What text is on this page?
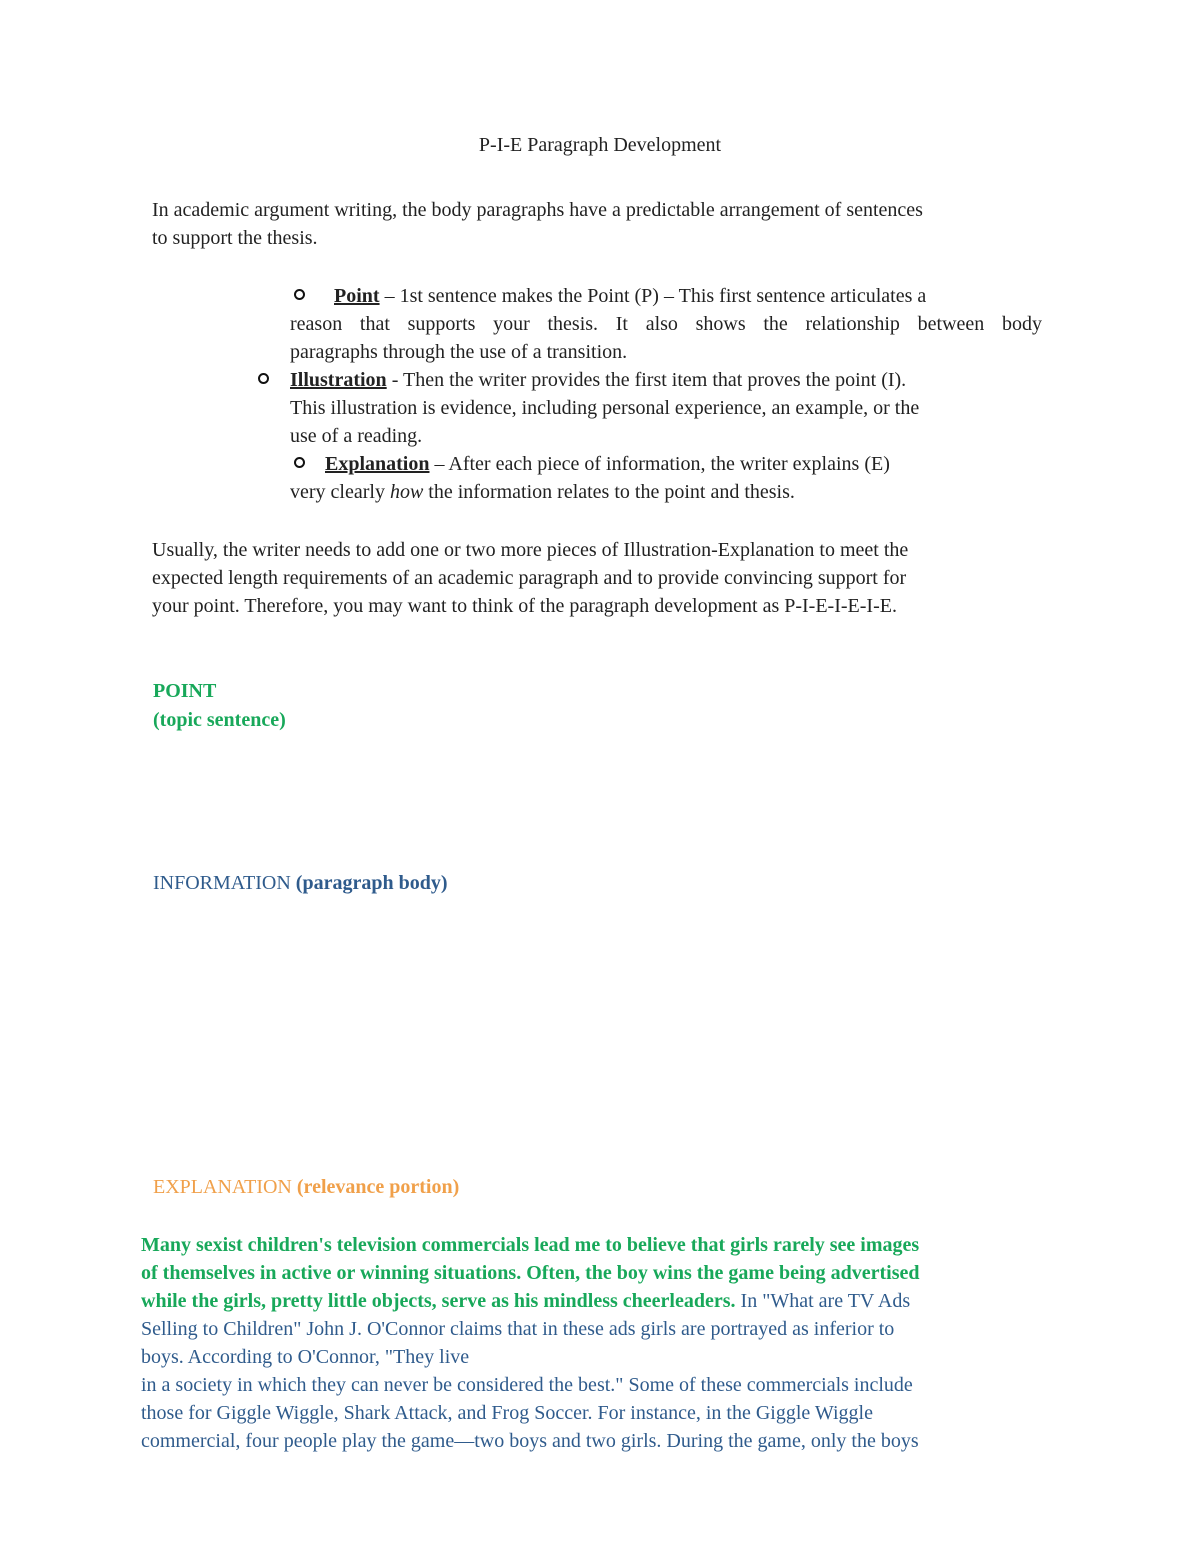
P-I-E Paragraph Development
In academic argument writing, the body paragraphs have a predictable arrangement of sentences
to support the thesis.
Point – 1st sentence makes the Point (P) – This first sentence articulates a
reason that supports your thesis. It also shows the relationship between body
paragraphs through the use of a transition.
Illustration - Then the writer provides the first item that proves the point (I).
This illustration is evidence, including personal experience, an example, or the
use of a reading.
Explanation – After each piece of information, the writer explains (E)
very clearly how the information relates to the point and thesis.
Usually, the writer needs to add one or two more pieces of Illustration-Explanation to meet the
expected length requirements of an academic paragraph and to provide convincing support for
your point. Therefore, you may want to think of the paragraph development as P-I-E-I-E-I-E.
POINT
(topic sentence)
INFORMATION (paragraph body)
EXPLANATION (relevance portion)
Many sexist children's television commercials lead me to believe that girls rarely see images
of themselves in active or winning situations. Often, the boy wins the game being advertised
while the girls, pretty little objects, serve as his mindless cheerleaders. In "What are TV Ads
Selling to Children" John J. O'Connor claims that in these ads girls are portrayed as inferior to
boys. According to O'Connor, "They live
in a society in which they can never be considered the best." Some of these commercials include
those for Giggle Wiggle, Shark Attack, and Frog Soccer. For instance, in the Giggle Wiggle
commercial, four people play the game—two boys and two girls. During the game, only the boys
